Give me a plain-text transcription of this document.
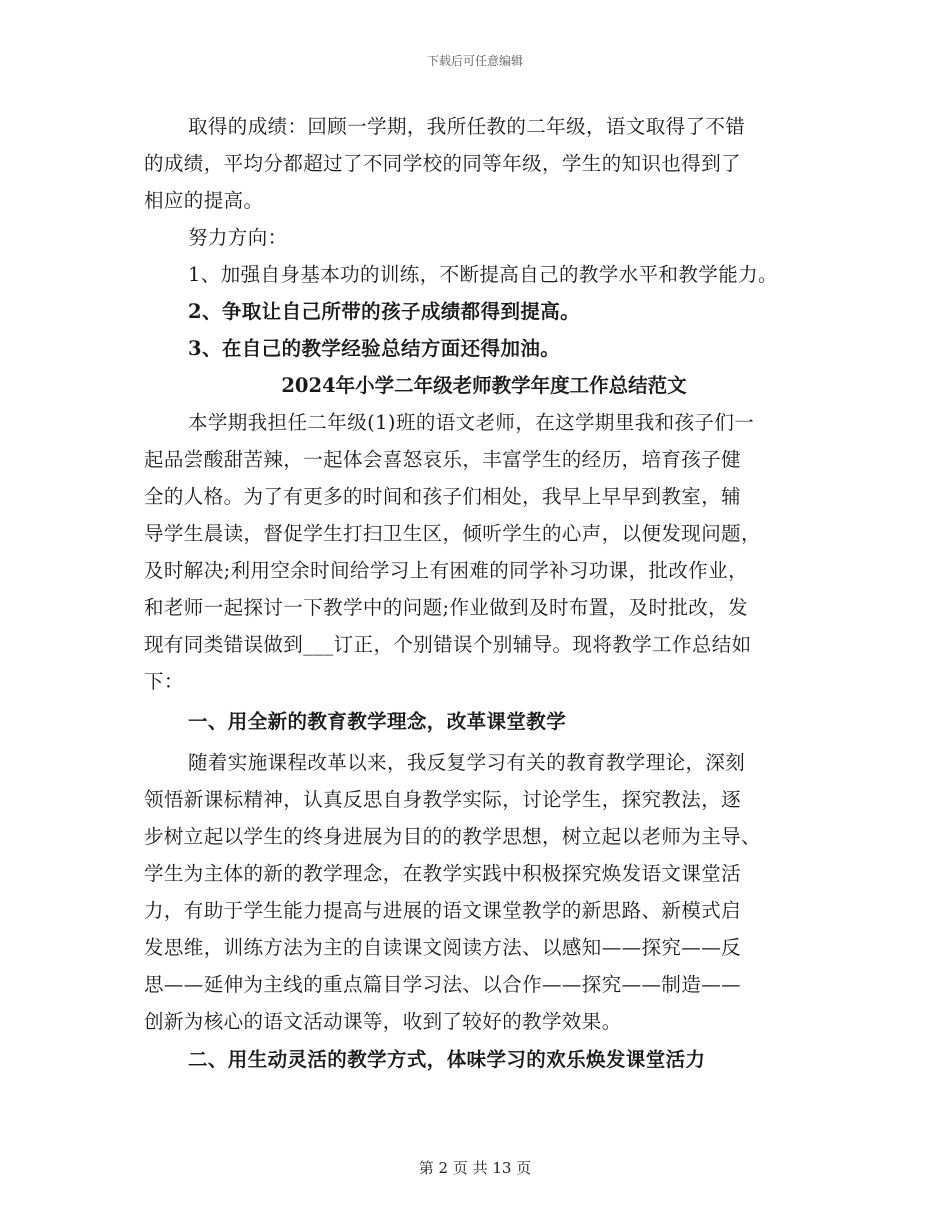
下载后可任意编辑
取得的成绩：回顾一学期，我所任教的二年级，语文取得了不错
的成绩，平均分都超过了不同学校的同等年级，学生的知识也得到了
相应的提高。
努力方向：
1、加强自身基本功的训练，不断提高自己的教学水平和教学能力。
2、争取让自己所带的孩子成绩都得到提高。
3、在自己的教学经验总结方面还得加油。
2024年小学二年级老师教学年度工作总结范文
本学期我担任二年级(1)班的语文老师，在这学期里我和孩子们一
起品尝酸甜苦辣，一起体会喜怒哀乐，丰富学生的经历，培育孩子健
全的人格。为了有更多的时间和孩子们相处，我早上早早到教室，辅
导学生晨读，督促学生打扫卫生区，倾听学生的心声，以便发现问题，
及时解决;利用空余时间给学习上有困难的同学补习功课，批改作业，
和老师一起探讨一下教学中的问题;作业做到及时布置，及时批改，发
现有同类错误做到___订正，个别错误个别辅导。现将教学工作总结如
下：
一、用全新的教育教学理念，改革课堂教学
随着实施课程改革以来，我反复学习有关的教育教学理论，深刻
领悟新课标精神，认真反思自身教学实际，讨论学生，探究教法，逐
步树立起以学生的终身进展为目的的教学思想，树立起以老师为主导、
学生为主体的新的教学理念，在教学实践中积极探究焕发语文课堂活
力，有助于学生能力提高与进展的语文课堂教学的新思路、新模式启
发思维，训练方法为主的自读课文阅读方法、以感知——探究——反
思——延伸为主线的重点篇目学习法、以合作——探究——制造——
创新为核心的语文活动课等，收到了较好的教学效果。
二、用生动灵活的教学方式，体味学习的欢乐焕发课堂活力
第 2 页 共 13 页
